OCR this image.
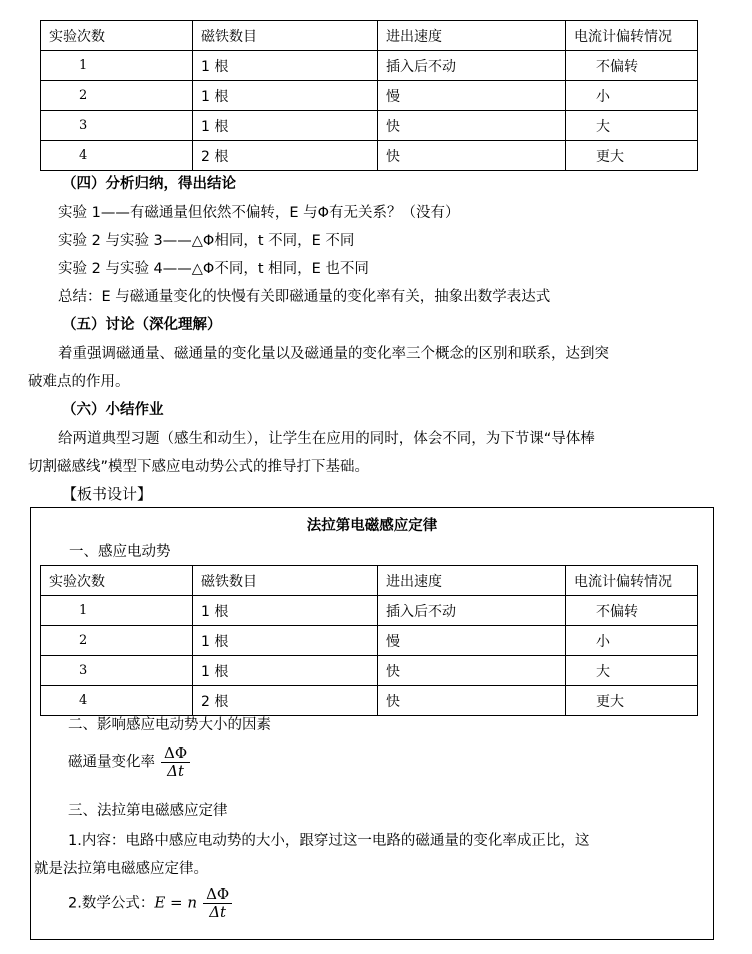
实验次数	磁铁数目	进出速度	电流计偏转情况
1	1 根	插入后不动	不偏转
2	1 根	慢	小
3	1 根	快	大
4	2 根	快	更大
（四）分析归纳，得出结论
实验 1——有磁通量但依然不偏转，E 与Φ有无关系？（没有）
实验 2 与实验 3——△Φ相同，t 不同，E 不同
实验 2 与实验 4——△Φ不同，t 相同，E 也不同
总结：E 与磁通量变化的快慢有关即磁通量的变化率有关，抽象出数学表达式
（五）讨论（深化理解）
着重强调磁通量、磁通量的变化量以及磁通量的变化率三个概念的区别和联系，达到突
破难点的作用。
（六）小结作业
给两道典型习题（感生和动生），让学生在应用的同时，体会不同，为下节课“导体棒
切割磁感线”模型下感应电动势公式的推导打下基础。
【板书设计】
法拉第电磁感应定律
一、感应电动势
实验次数	磁铁数目	进出速度	电流计偏转情况
1	1 根	插入后不动	不偏转
2	1 根	慢	小
3	1 根	快	大
4	2 根	快	更大
二、影响感应电动势大小的因素
磁通量变化率 $\frac{\Delta\Phi}{\Delta t}$
三、法拉第电磁感应定律
1.内容：电路中感应电动势的大小，跟穿过这一电路的磁通量的变化率成正比，这
就是法拉第电磁感应定律。
2.数学公式：E = n $\frac{\Delta\Phi}{\Delta t}$
